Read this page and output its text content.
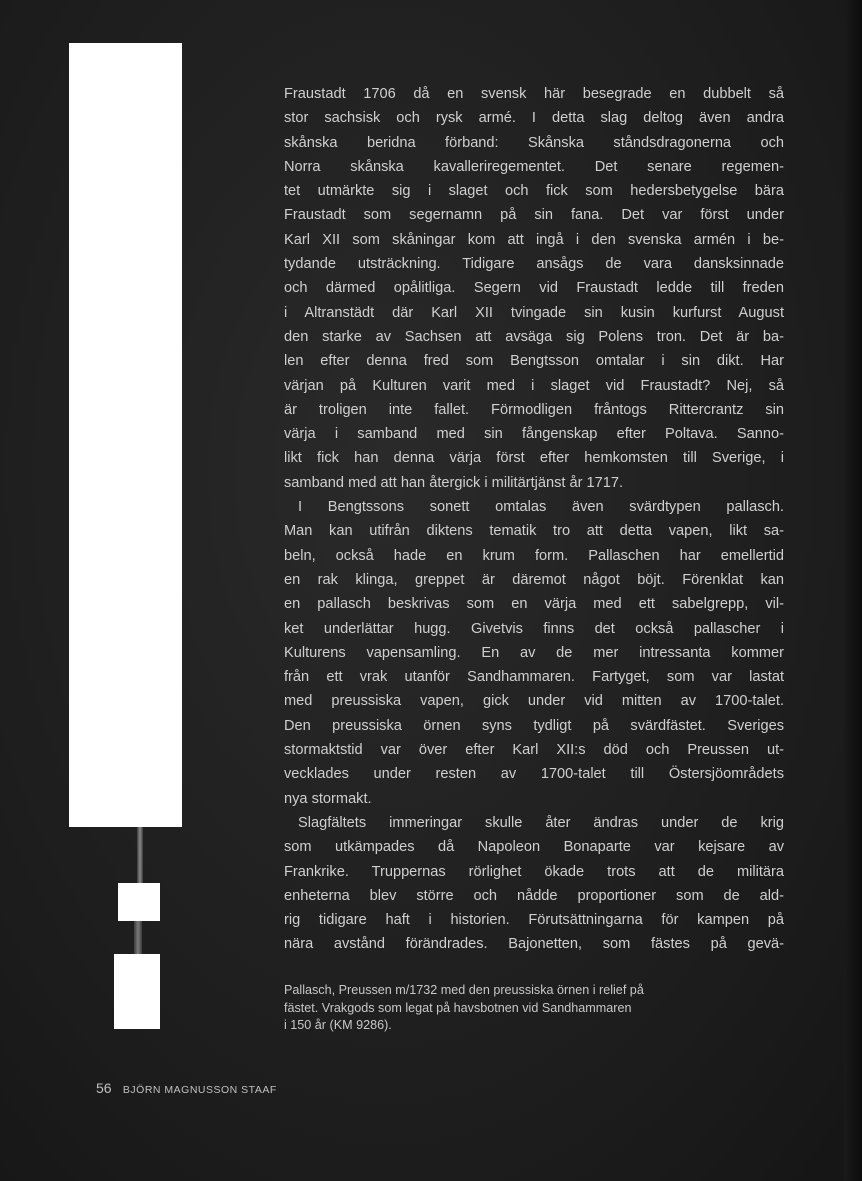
Fraustadt 1706 då en svensk här besegrade en dubbelt så
stor sachsisk och rysk armé. I detta slag deltog även andra
skånska beridna förband: Skånska ståndsdragonerna och
Norra skånska kavalleriregementet. Det senare regemen-
tet utmärkte sig i slaget och fick som hedersbetygelse bära
Fraustadt som segernamn på sin fana. Det var först under
Karl XII som skåningar kom att ingå i den svenska armén i be-
tydande utsträckning. Tidigare ansågs de vara dansksinnade
och därmed opålitliga. Segern vid Fraustadt ledde till freden
i Altranstädt där Karl XII tvingade sin kusin kurfurst August
den starke av Sachsen att avsäga sig Polens tron. Det är ba-
len efter denna fred som Bengtsson omtalar i sin dikt. Har
värjan på Kulturen varit med i slaget vid Fraustadt? Nej, så
är troligen inte fallet. Förmodligen fråntogs Rittercrantz sin
värja i samband med sin fångenskap efter Poltava. Sanno-
likt fick han denna värja först efter hemkomsten till Sverige, i
samband med att han återgick i militärtjänst år 1717.
I Bengtssons sonett omtalas även svärdtypen pallasch.
Man kan utifrån diktens tematik tro att detta vapen, likt sa-
beln, också hade en krum form. Pallaschen har emellertid
en rak klinga, greppet är däremot något böjt. Förenklat kan
en pallasch beskrivas som en värja med ett sabelgrepp, vil-
ket underlättar hugg. Givetvis finns det också pallascher i
Kulturens vapensamling. En av de mer intressanta kommer
från ett vrak utanför Sandhammaren. Fartyget, som var lastat
med preussiska vapen, gick under vid mitten av 1700-talet.
Den preussiska örnen syns tydligt på svärdfästet. Sveriges
stormaktstid var över efter Karl XII:s död och Preussen ut-
vecklades under resten av 1700-talet till Östersjöområdets
nya stormakt.
Slagfältets immeringar skulle åter ändras under de krig
som utkämpades då Napoleon Bonaparte var kejsare av
Frankrike. Truppernas rörlighet ökade trots att de militära
enheterna blev större och nådde proportioner som de ald-
rig tidigare haft i historien. Förutsättningarna för kampen på
nära avstånd förändrades. Bajonetten, som fästes på gevä-
Pallasch, Preussen m/1732 med den preussiska örnen i relief på
fästet. Vrakgods som legat på havsbotnen vid Sandhammaren
i 150 år (KM 9286).
56 BJÖRN MAGNUSSON STAAF
